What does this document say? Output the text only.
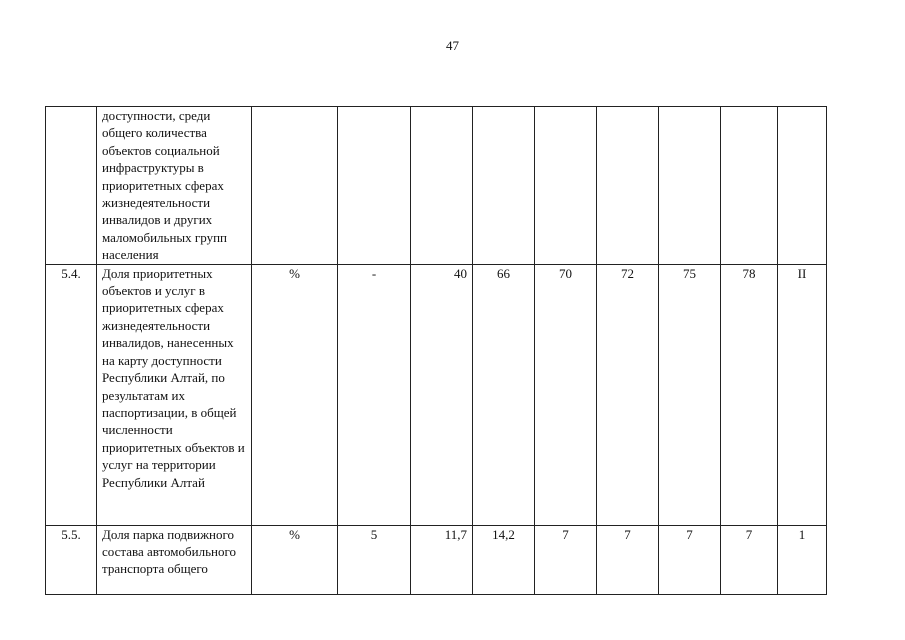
47
	доступности, среди общего количества объектов социальной инфраструктуры в приоритетных сферах жизнедеятельности инвалидов и других маломобильных групп населения									
5.4.	Доля приоритетных объектов и услуг в приоритетных сферах жизнедеятельности инвалидов, нанесенных на карту доступности Республики Алтай, по результатам их паспортизации, в общей численности приоритетных объектов и услуг на территории Республики Алтай	%	-	40	66	70	72	75	78	II
5.5.	Доля парка подвижного состава автомобильного транспорта общего	%	5	11,7	14,2	7	7	7	7	1
